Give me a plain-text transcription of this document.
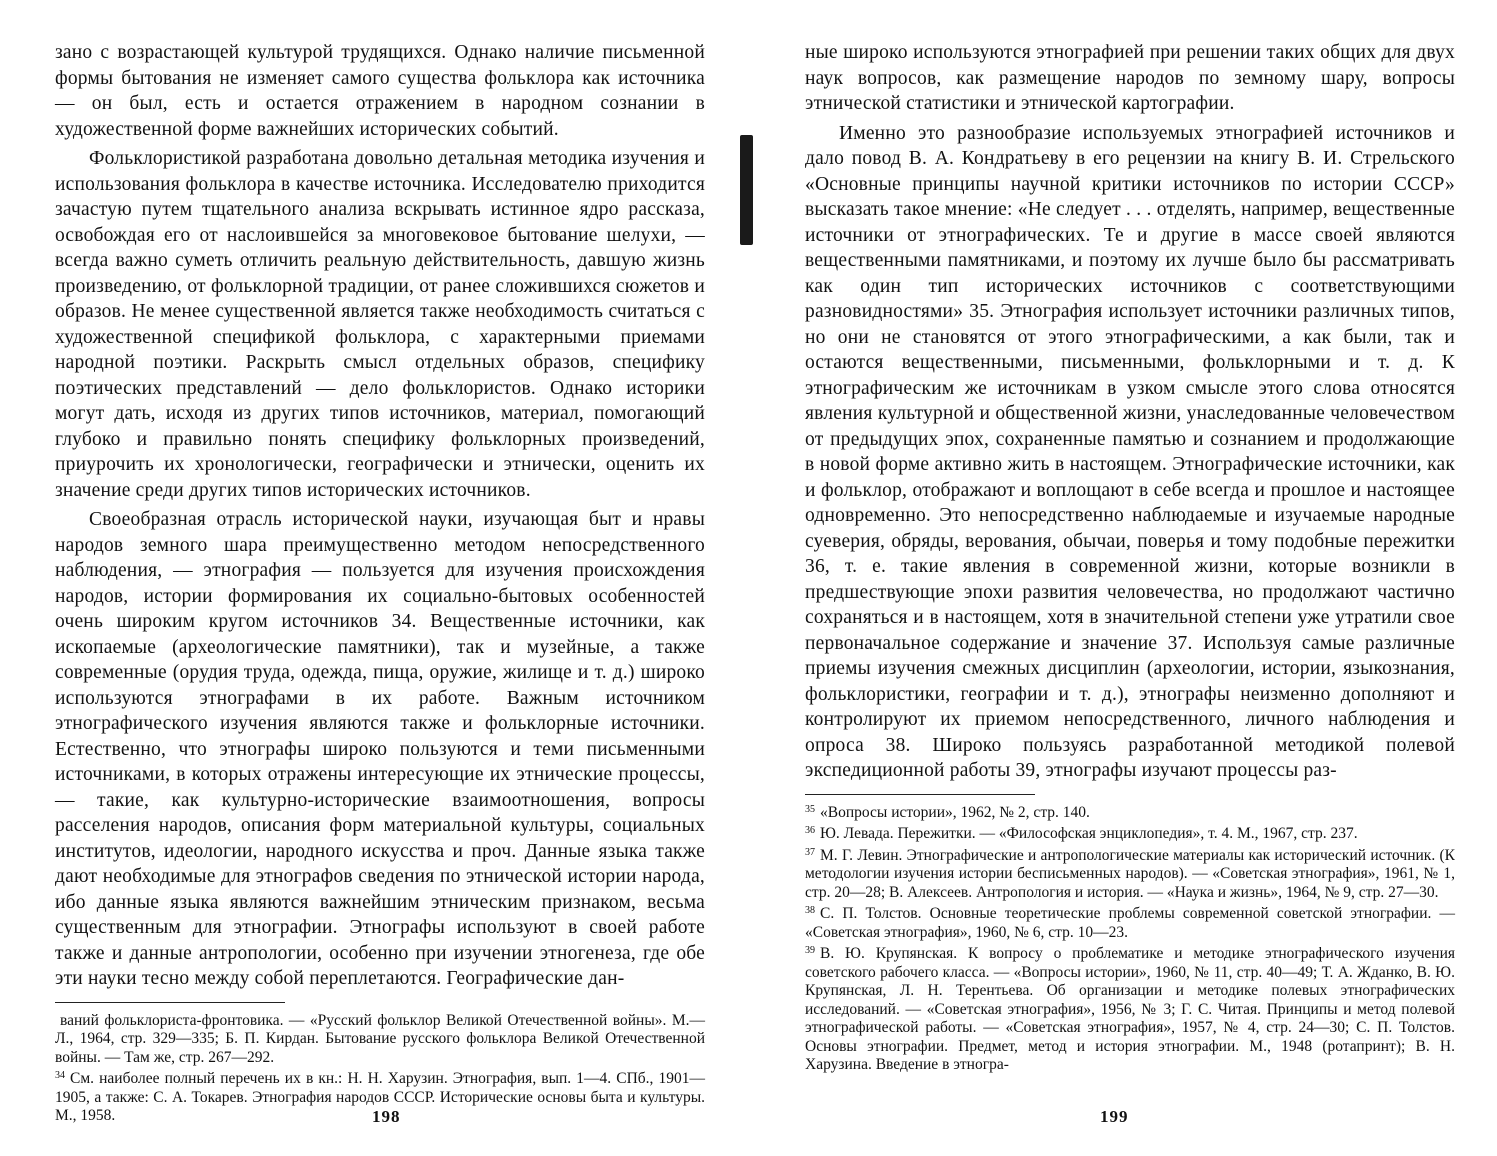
зано с возрастающей культурой трудящихся. Однако наличие письменной формы бытования не изменяет самого существа фольклора как источника — он был, есть и остается отражением в народном сознании в художественной форме важнейших исторических событий.

Фольклористикой разработана довольно детальная методика изучения и использования фольклора в качестве источника. Исследователю приходится зачастую путем тщательного анализа вскрывать истинное ядро рассказа, освобождая его от наслоившейся за многовековое бытование шелухи, — всегда важно суметь отличить реальную действительность, давшую жизнь произведению, от фольклорной традиции, от ранее сложившихся сюжетов и образов. Не менее существенной является также необходимость считаться с художественной спецификой фольклора, с характерными приемами народной поэтики. Раскрыть смысл отдельных образов, специфику поэтических представлений — дело фольклористов. Однако историки могут дать, исходя из других типов источников, материал, помогающий глубоко и правильно понять специфику фольклорных произведений, приурочить их хронологически, географически и этнически, оценить их значение среди других типов исторических источников.

Своеобразная отрасль исторической науки, изучающая быт и нравы народов земного шара преимущественно методом непосредственного наблюдения, — этнография — пользуется для изучения происхождения народов, истории формирования их социально-бытовых особенностей очень широким кругом источников 34. Вещественные источники, как ископаемые (археологические памятники), так и музейные, а также современные (орудия труда, одежда, пища, оружие, жилище и т. д.) широко используются этнографами в их работе. Важным источником этнографического изучения являются также и фольклорные источники. Естественно, что этнографы широко пользуются и теми письменными источниками, в которых отражены интересующие их этнические процессы, — такие, как культурно-исторические взаимоотношения, вопросы расселения народов, описания форм материальной культуры, социальных институтов, идеологии, народного искусства и проч. Данные языка также дают необходимые для этнографов сведения по этнической истории народа, ибо данные языка являются важнейшим этническим признаком, весьма существенным для этнографии. Этнографы используют в своей работе также и данные антропологии, особенно при изучении этногенеза, где обе эти науки тесно между собой переплетаются. Географические дан-

ваний фольклориста-фронтовика. — «Русский фольклор Великой Отечественной войны». М.—Л., 1964, стр. 329—335; Б. П. Кирдан. Бытование русского фольклора Великой Отечественной войны. — Там же, стр. 267—292.

$^{34}$ См. наиболее полный перечень их в кн.: Н. Н. Харузин. Этнография, вып. 1—4. СПб., 1901—1905, а также: С. А. Токарев. Этнография народов СССР. Исторические основы быта и культуры. М., 1958.

ные широко используются этнографией при решении таких общих для двух наук вопросов, как размещение народов по земному шару, вопросы этнической статистики и этнической картографии.

Именно это разнообразие используемых этнографией источников и дало повод В. А. Кондратьеву в его рецензии на книгу В. И. Стрельского «Основные принципы научной критики источников по истории СССР» высказать такое мнение: «Не следует . . . отделять, например, вещественные источники от этнографических. Те и другие в массе своей являются вещественными памятниками, и поэтому их лучше было бы рассматривать как один тип исторических источников с соответствующими разновидностями» 35. Этнография использует источники различных типов, но они не становятся от этого этнографическими, а как были, так и остаются вещественными, письменными, фольклорными и т. д. К этнографическим же источникам в узком смысле этого слова относятся явления культурной и общественной жизни, унаследованные человечеством от предыдущих эпох, сохраненные памятью и сознанием и продолжающие в новой форме активно жить в настоящем. Этнографические источники, как и фольклор, отображают и воплощают в себе всегда и прошлое и настоящее одновременно. Это непосредственно наблюдаемые и изучаемые народные суеверия, обряды, верования, обычаи, поверья и тому подобные пережитки 36, т. е. такие явления в современной жизни, которые возникли в предшествующие эпохи развития человечества, но продолжают частично сохраняться и в настоящем, хотя в значительной степени уже утратили свое первоначальное содержание и значение 37. Используя самые различные приемы изучения смежных дисциплин (археологии, истории, языкознания, фольклористики, географии и т. д.), этнографы неизменно дополняют и контролируют их приемом непосредственного, личного наблюдения и опроса 38. Широко пользуясь разработанной методикой полевой экспедиционной работы 39, этнографы изучают процессы раз-

$^{35}$ «Вопросы истории», 1962, № 2, стр. 140.

$^{36}$ Ю. Левада. Пережитки. — «Философская энциклопедия», т. 4. М., 1967, стр. 237.

$^{37}$ М. Г. Левин. Этнографические и антропологические материалы как исторический источник. (К методологии изучения истории бесписьменных народов). — «Советская этнография», 1961, № 1, стр. 20—28; В. Алексеев. Антропология и история. — «Наука и жизнь», 1964, № 9, стр. 27—30.

$^{38}$ С. П. Толстов. Основные теоретические проблемы современной советской этнографии. — «Советская этнография», 1960, № 6, стр. 10—23.

$^{39}$ В. Ю. Крупянская. К вопросу о проблематике и методике этнографического изучения советского рабочего класса. — «Вопросы истории», 1960, № 11, стр. 40—49; Т. А. Жданко, В. Ю. Крупянская, Л. Н. Терентьева. Об организации и методике полевых этнографических исследований. — «Советская этнография», 1956, № 3; Г. С. Читая. Принципы и метод полевой этнографической работы. — «Советская этнография», 1957, № 4, стр. 24—30; С. П. Толстов. Основы этнографии. Предмет, метод и история этнографии. М., 1948 (ротапринт); В. Н. Харузина. Введение в этногра-

198	199
